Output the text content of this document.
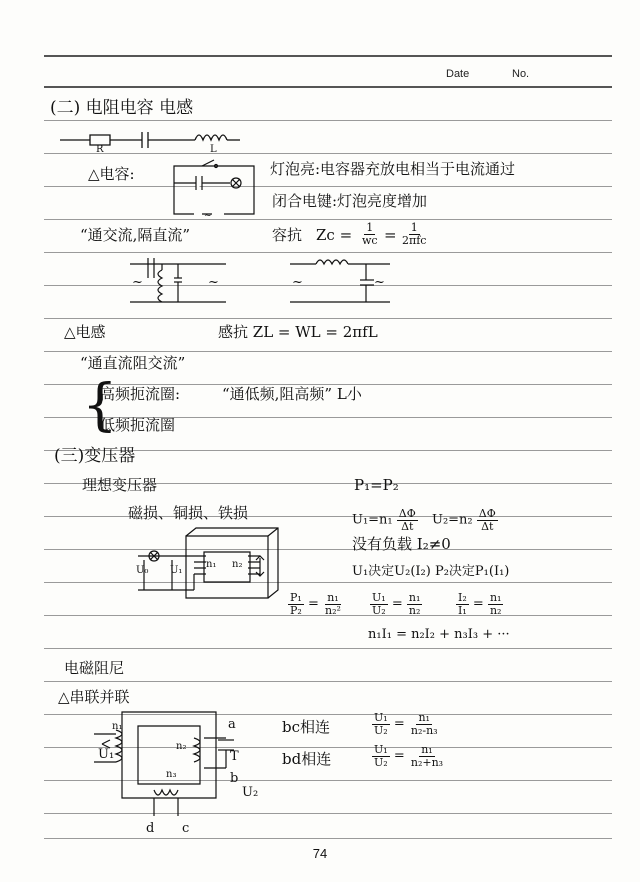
Date	No.
(二) 电阻电容 电感
R	L
△电容:
~
灯泡亮:电容器充放电相当于电流通过
闭合电键:灯泡亮度增加
“通交流,隔直流”	容抗 $Zc = \frac{1}{wc} = \frac{1}{\text{2πfc}}$
~	~	~	~
△电感	感抗 ZL = WL = 2πfL
“通直流阻交流”
{
高频扼流圈:	“通低频,阻高频” L小
低频扼流圈
(三)变压器
理想变压器	P₁=P₂
磁损、铜损、铁损	$U_1=n_1 \frac{\Delta\Phi}{\Delta t} U_2=n_2 \frac{\Delta\Phi}{\Delta t}$
U₀ U₁
n₁ n₂
没有负载 I₂≠0
U₁决定U₂(I₂) P₂决定P₁(I₁)
$\frac{\text{P₁}}{\text{P₂}} = \frac{\text{n₁}}{\text{n₂²}} \frac{\text{U₁}}{\text{U₂}} = \frac{\text{n₁}}{\text{n₂}}$	$\frac{\text{I₂}}{\text{I₁}} = \frac{\text{n₁}}{\text{n₂}}$
n₁I₁ = n₂I₂ + n₃I₃ + ···
电磁阻尼
△串联并联
n₁
U₁
n₂
n₃
a
T
b
U₂
d c
bc相连	$\frac{\text{U₁}}{\text{U₂}} = \frac{\text{n₁}}{\text{n₂-n₃}}$
bd相连	$\frac{\text{U₁}}{\text{U₂}} = \frac{\text{n₁}}{\text{n₂+n₃}}$
74
